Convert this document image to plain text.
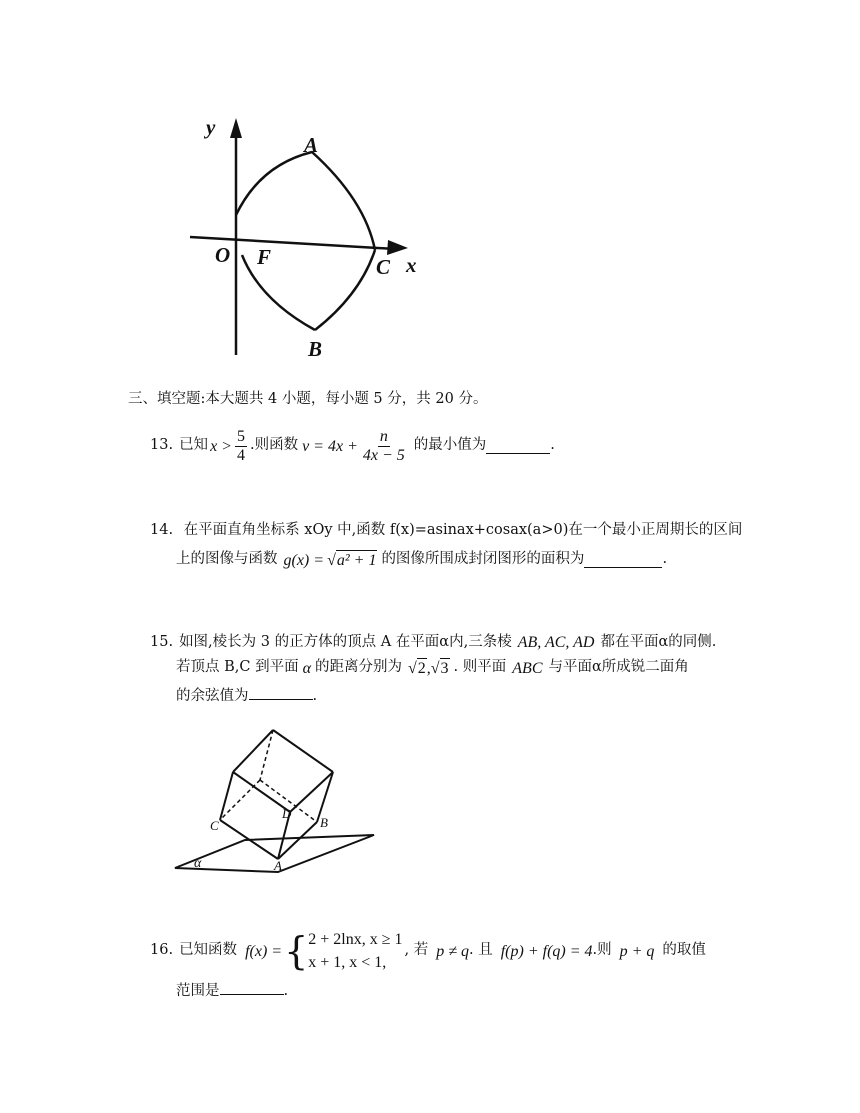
y
A
O F	C x
B
三、填空题:本大题共 4 小题，每小题 5 分，共 20 分。
13. 已知 $x > \frac{5}{4}$ .则函数 $v = 4x + \frac{n}{4x - 5}$ 的最小值为	.
14. 在平面直角坐标系 xOy 中,函数 f(x)=asinax+cosax(a>0)在一个最小正周期长的区间
上的图像与函数 g(x) = √ a² + 1 的图像所围成封闭图形的面积为	.
15. 如图,棱长为 3 的正方体的顶点 A 在平面α内,三条棱 AB, AC, AD 都在平面α的同侧.
若顶点 B,C 到平面 α 的距离分别为 √ 2 , √ 3 . 则平面 ABC 与平面α所成锐二面角
的余弦值为	.
C
D
B
A
α
16. 已知函数 f(x) = { 2 + 2lnx, x ≥ 1
x + 1, x < 1,
, 若 p ≠ q . 且 f(p) + f(q) = 4 .则 p + q 的取值
范围是	.
